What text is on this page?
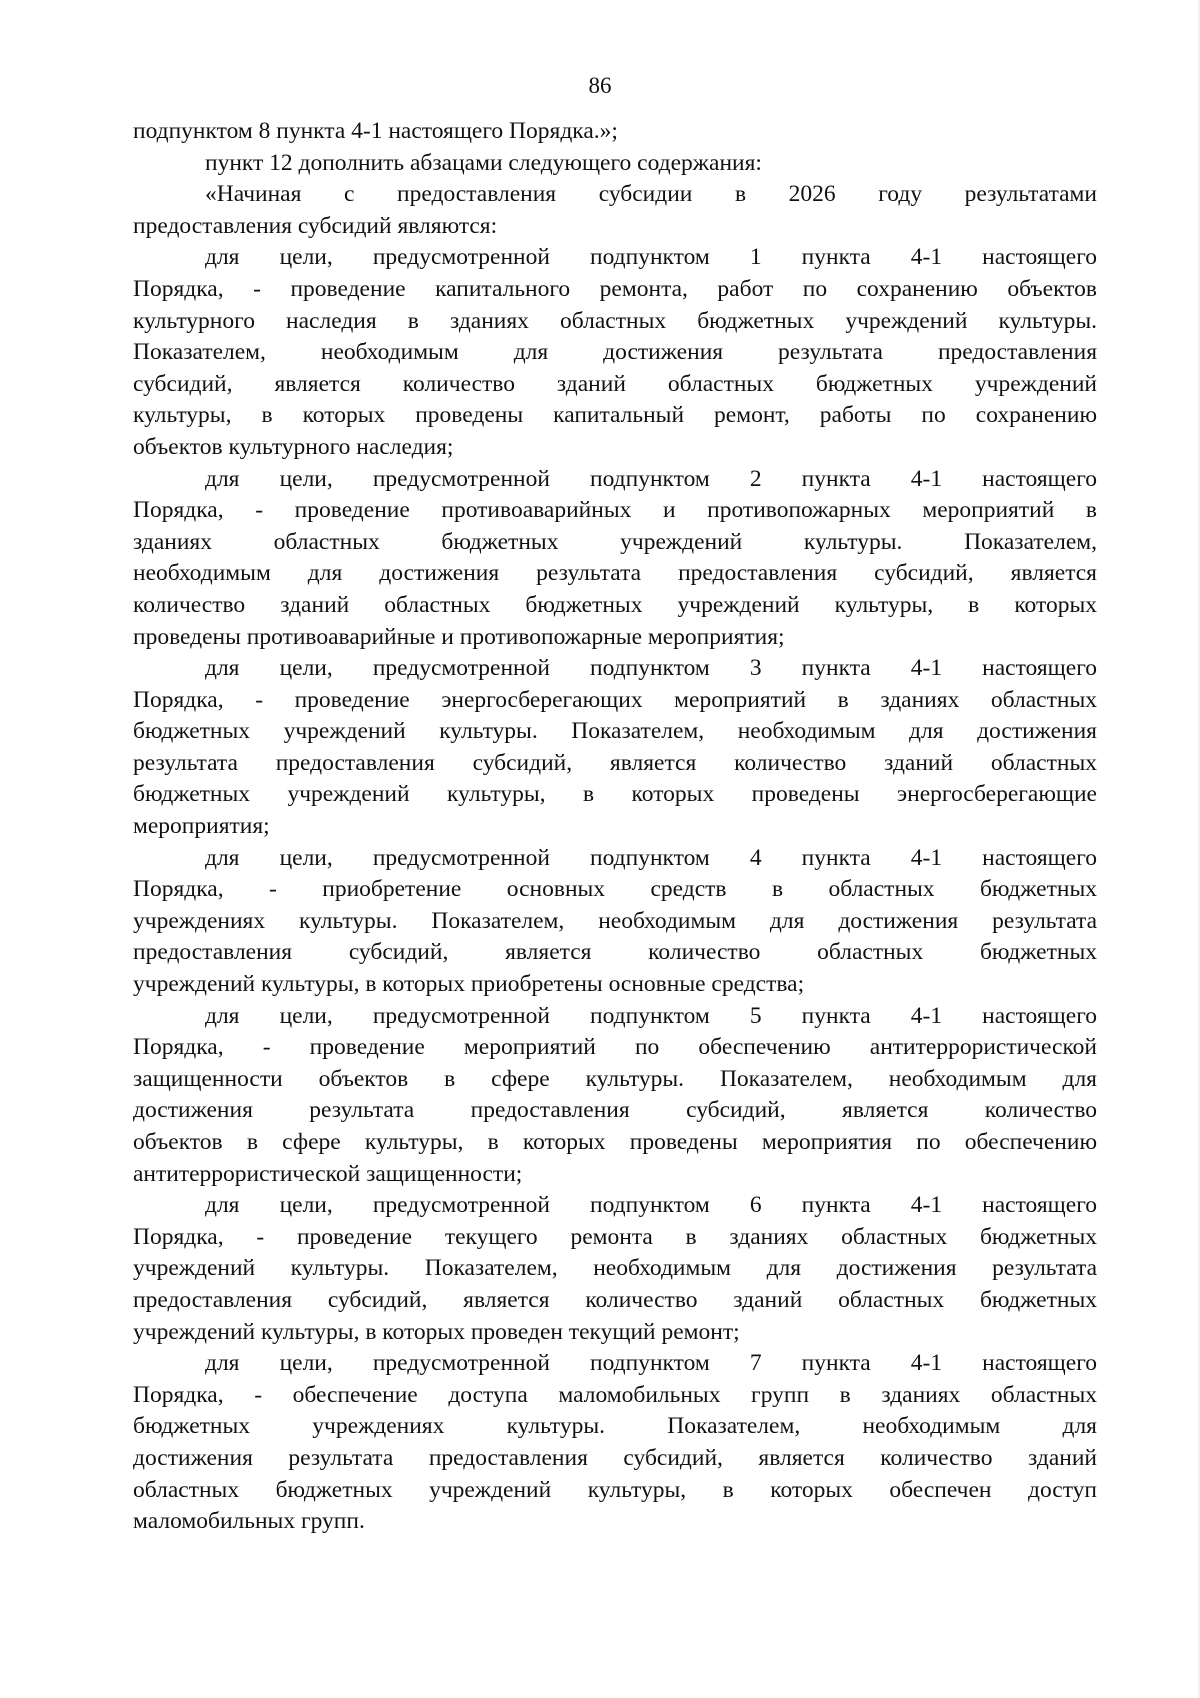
86
подпунктом 8 пункта 4-1 настоящего Порядка.»;
пункт 12 дополнить абзацами следующего содержания:
«Начиная с предоставления субсидии в 2026 году результатами
предоставления субсидий являются:
для цели, предусмотренной подпунктом 1 пункта 4-1 настоящего
Порядка, - проведение капитального ремонта, работ по сохранению объектов
культурного наследия в зданиях областных бюджетных учреждений культуры.
Показателем, необходимым для достижения результата предоставления
субсидий, является количество зданий областных бюджетных учреждений
культуры, в которых проведены капитальный ремонт, работы по сохранению
объектов культурного наследия;
для цели, предусмотренной подпунктом 2 пункта 4-1 настоящего
Порядка, - проведение противоаварийных и противопожарных мероприятий в
зданиях областных бюджетных учреждений культуры. Показателем,
необходимым для достижения результата предоставления субсидий, является
количество зданий областных бюджетных учреждений культуры, в которых
проведены противоаварийные и противопожарные мероприятия;
для цели, предусмотренной подпунктом 3 пункта 4-1 настоящего
Порядка, - проведение энергосберегающих мероприятий в зданиях областных
бюджетных учреждений культуры. Показателем, необходимым для достижения
результата предоставления субсидий, является количество зданий областных
бюджетных учреждений культуры, в которых проведены энергосберегающие
мероприятия;
для цели, предусмотренной подпунктом 4 пункта 4-1 настоящего
Порядка, - приобретение основных средств в областных бюджетных
учреждениях культуры. Показателем, необходимым для достижения результата
предоставления субсидий, является количество областных бюджетных
учреждений культуры, в которых приобретены основные средства;
для цели, предусмотренной подпунктом 5 пункта 4-1 настоящего
Порядка, - проведение мероприятий по обеспечению антитеррористической
защищенности объектов в сфере культуры. Показателем, необходимым для
достижения результата предоставления субсидий, является количество
объектов в сфере культуры, в которых проведены мероприятия по обеспечению
антитеррористической защищенности;
для цели, предусмотренной подпунктом 6 пункта 4-1 настоящего
Порядка, - проведение текущего ремонта в зданиях областных бюджетных
учреждений культуры. Показателем, необходимым для достижения результата
предоставления субсидий, является количество зданий областных бюджетных
учреждений культуры, в которых проведен текущий ремонт;
для цели, предусмотренной подпунктом 7 пункта 4-1 настоящего
Порядка, - обеспечение доступа маломобильных групп в зданиях областных
бюджетных учреждениях культуры. Показателем, необходимым для
достижения результата предоставления субсидий, является количество зданий
областных бюджетных учреждений культуры, в которых обеспечен доступ
маломобильных групп.
